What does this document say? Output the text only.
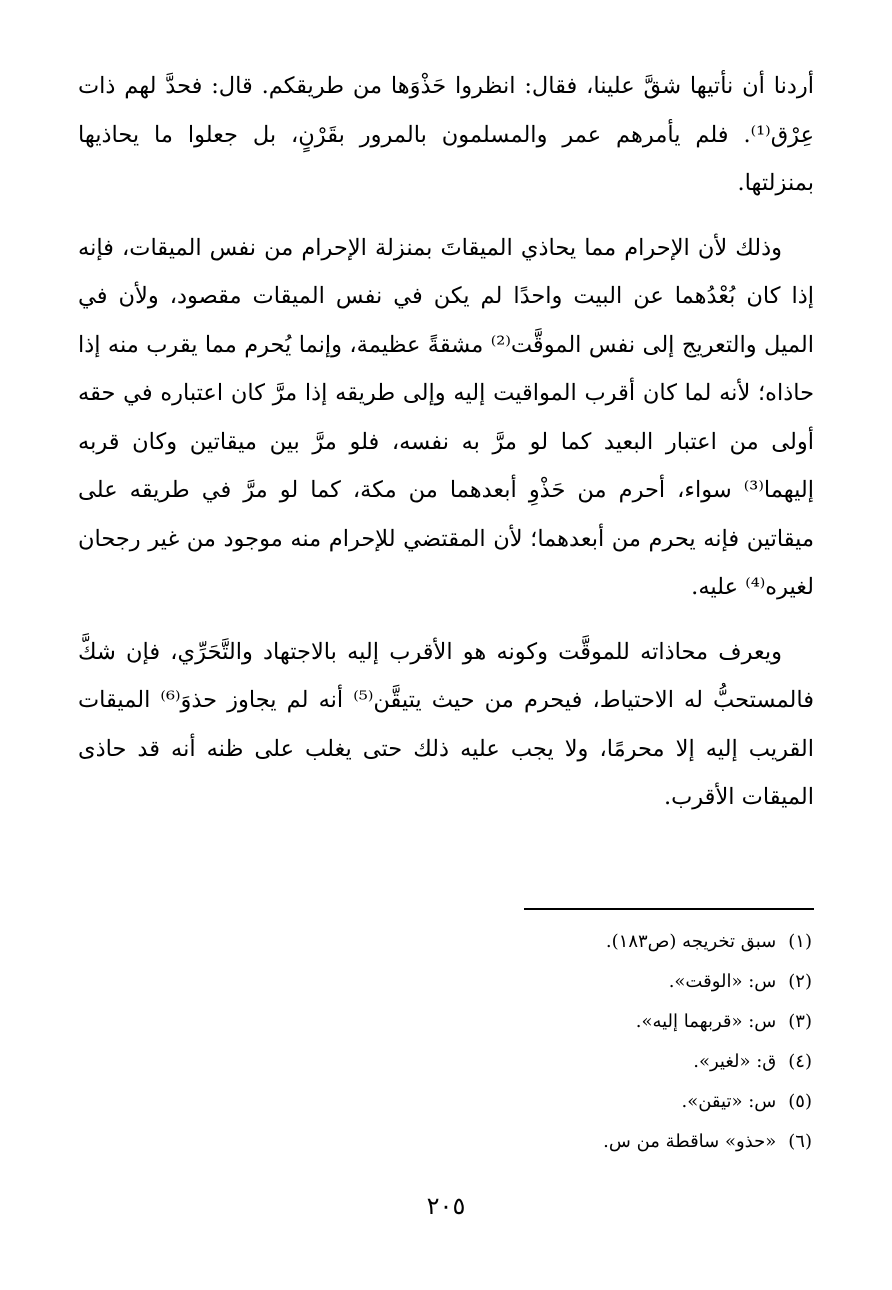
أردنا أن نأتيها شقَّ علينا، فقال: انظروا حَذْوَها من طريقكم. قال: فحدَّ لهم ذات عِرْق⁽¹⁾. فلم يأمرهم عمر والمسلمون بالمرور بقَرْنٍ، بل جعلوا ما يحاذيها بمنزلتها.

وذلك لأن الإحرام مما يحاذي الميقاتَ بمنزلة الإحرام من نفس الميقات، فإنه إذا كان بُعْدُهما عن البيت واحدًا لم يكن في نفس الميقات مقصود، ولأن في الميل والتعريج إلى نفس الموقَّت⁽²⁾ مشقةً عظيمة، وإنما يُحرم مما يقرب منه إذا حاذاه؛ لأنه لما كان أقرب المواقيت إليه وإلى طريقه إذا مرَّ كان اعتباره في حقه أولى من اعتبار البعيد كما لو مرَّ به نفسه، فلو مرَّ بين ميقاتين وكان قربه إليهما⁽³⁾ سواء، أحرم من حَذْوِ أبعدهما من مكة، كما لو مرَّ في طريقه على ميقاتين فإنه يحرم من أبعدهما؛ لأن المقتضي للإحرام منه موجود من غير رجحان لغيره⁽⁴⁾ عليه.

ويعرف محاذاته للموقَّت وكونه هو الأقرب إليه بالاجتهاد والتَّحَرِّي، فإن شكَّ فالمستحبُّ له الاحتياط، فيحرم من حيث يتيقَّن⁽⁵⁾ أنه لم يجاوز حذوَ⁽⁶⁾ الميقات القريب إليه إلا محرمًا، ولا يجب عليه ذلك حتى يغلب على ظنه أنه قد حاذى الميقات الأقرب.

(١)سبق تخريجه (ص١٨٣).
(٢)س: «الوقت».
(٣)س: «قربهما إليه».
(٤)ق: «لغير».
(٥)س: «تيقن».
(٦)«حذو» ساقطة من س.
٢٠٥
